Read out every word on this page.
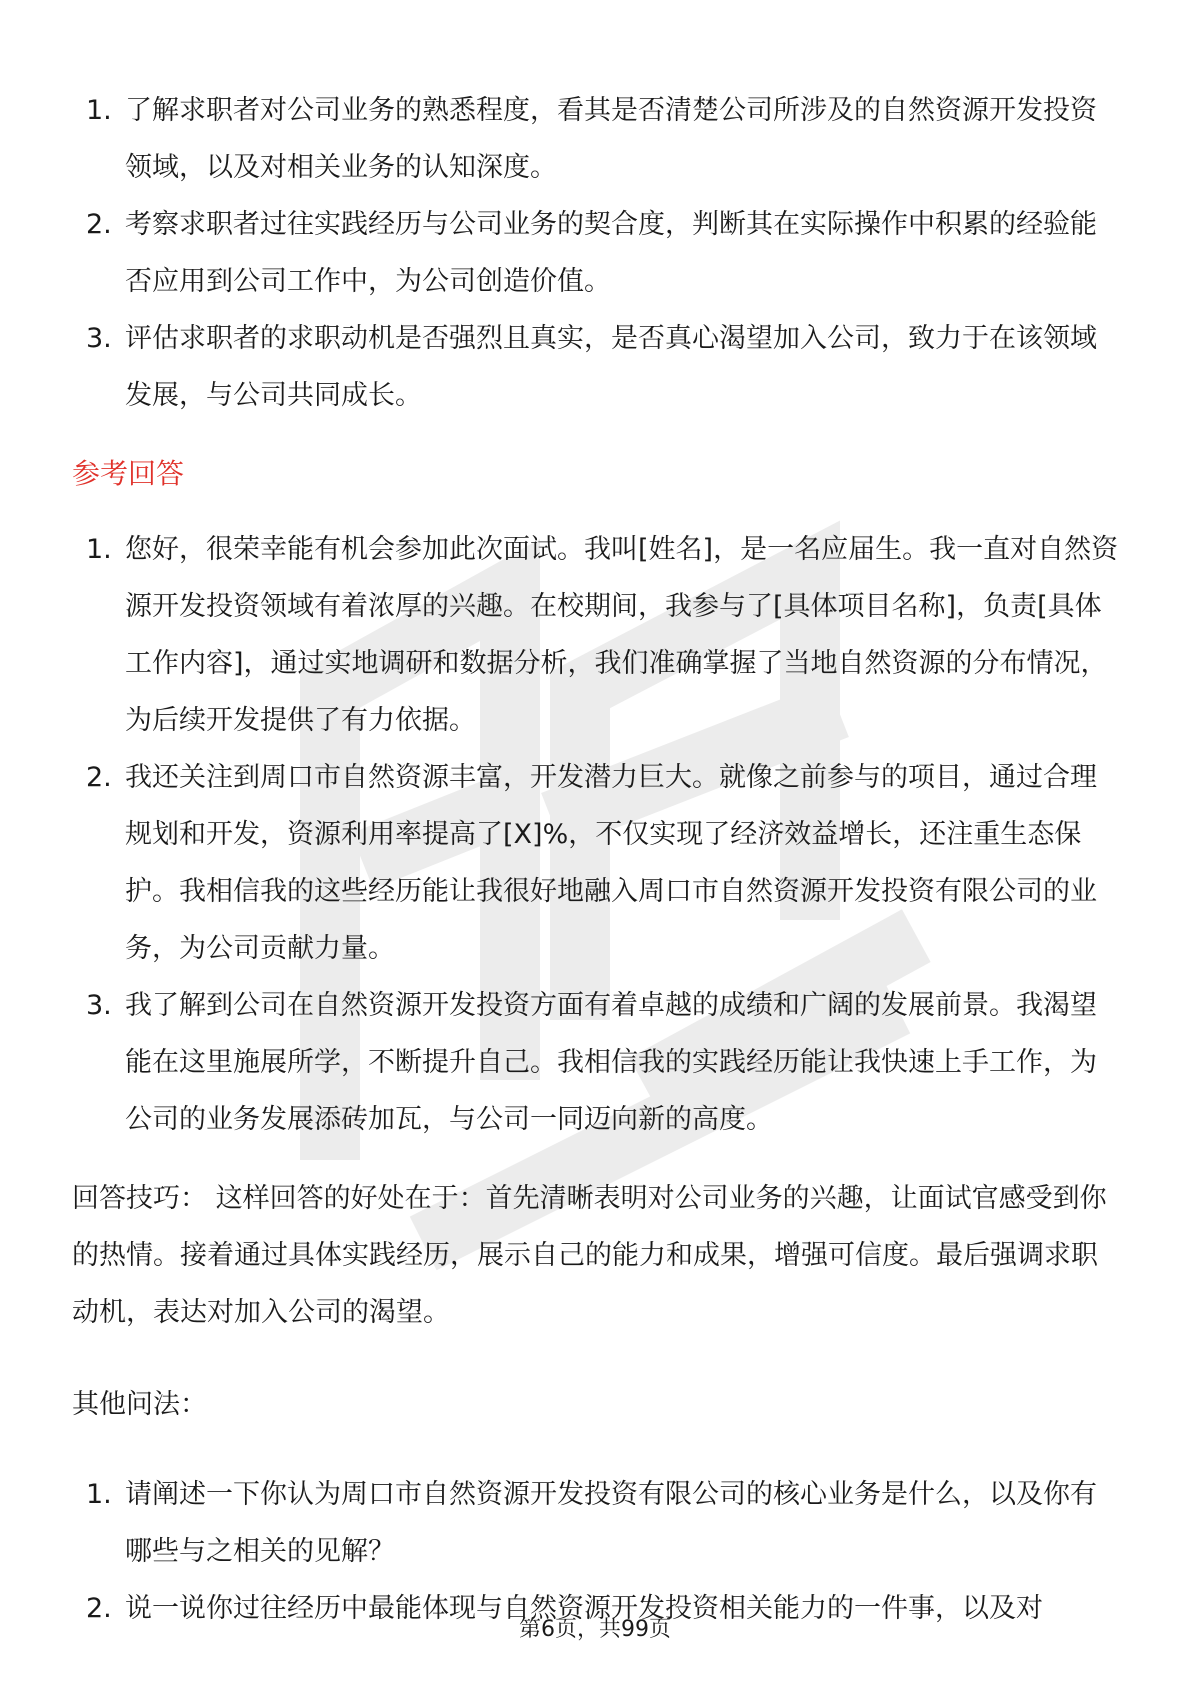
1. 了解求职者对公司业务的熟悉程度，看其是否清楚公司所涉及的自然资源开发投资领域，以及对相关业务的认知深度。
2. 考察求职者过往实践经历与公司业务的契合度，判断其在实际操作中积累的经验能否应用到公司工作中，为公司创造价值。
3. 评估求职者的求职动机是否强烈且真实，是否真心渴望加入公司，致力于在该领域发展，与公司共同成长。
参考回答
1. 您好，很荣幸能有机会参加此次面试。我叫[姓名]，是一名应届生。我一直对自然资源开发投资领域有着浓厚的兴趣。在校期间，我参与了[具体项目名称]，负责[具体工作内容]，通过实地调研和数据分析，我们准确掌握了当地自然资源的分布情况，为后续开发提供了有力依据。
2. 我还关注到周口市自然资源丰富，开发潜力巨大。就像之前参与的项目，通过合理规划和开发，资源利用率提高了[X]%，不仅实现了经济效益增长，还注重生态保护。我相信我的这些经历能让我很好地融入周口市自然资源开发投资有限公司的业务，为公司贡献力量。
3. 我了解到公司在自然资源开发投资方面有着卓越的成绩和广阔的发展前景。我渴望能在这里施展所学，不断提升自己。我相信我的实践经历能让我快速上手工作，为公司的业务发展添砖加瓦，与公司一同迈向新的高度。
回答技巧： 这样回答的好处在于：首先清晰表明对公司业务的兴趣，让面试官感受到你的热情。接着通过具体实践经历，展示自己的能力和成果，增强可信度。最后强调求职动机，表达对加入公司的渴望。
其他问法：
1. 请阐述一下你认为周口市自然资源开发投资有限公司的核心业务是什么，以及你有哪些与之相关的见解？
2. 说一说你过往经历中最能体现与自然资源开发投资相关能力的一件事，以及对
第6页，共99页
